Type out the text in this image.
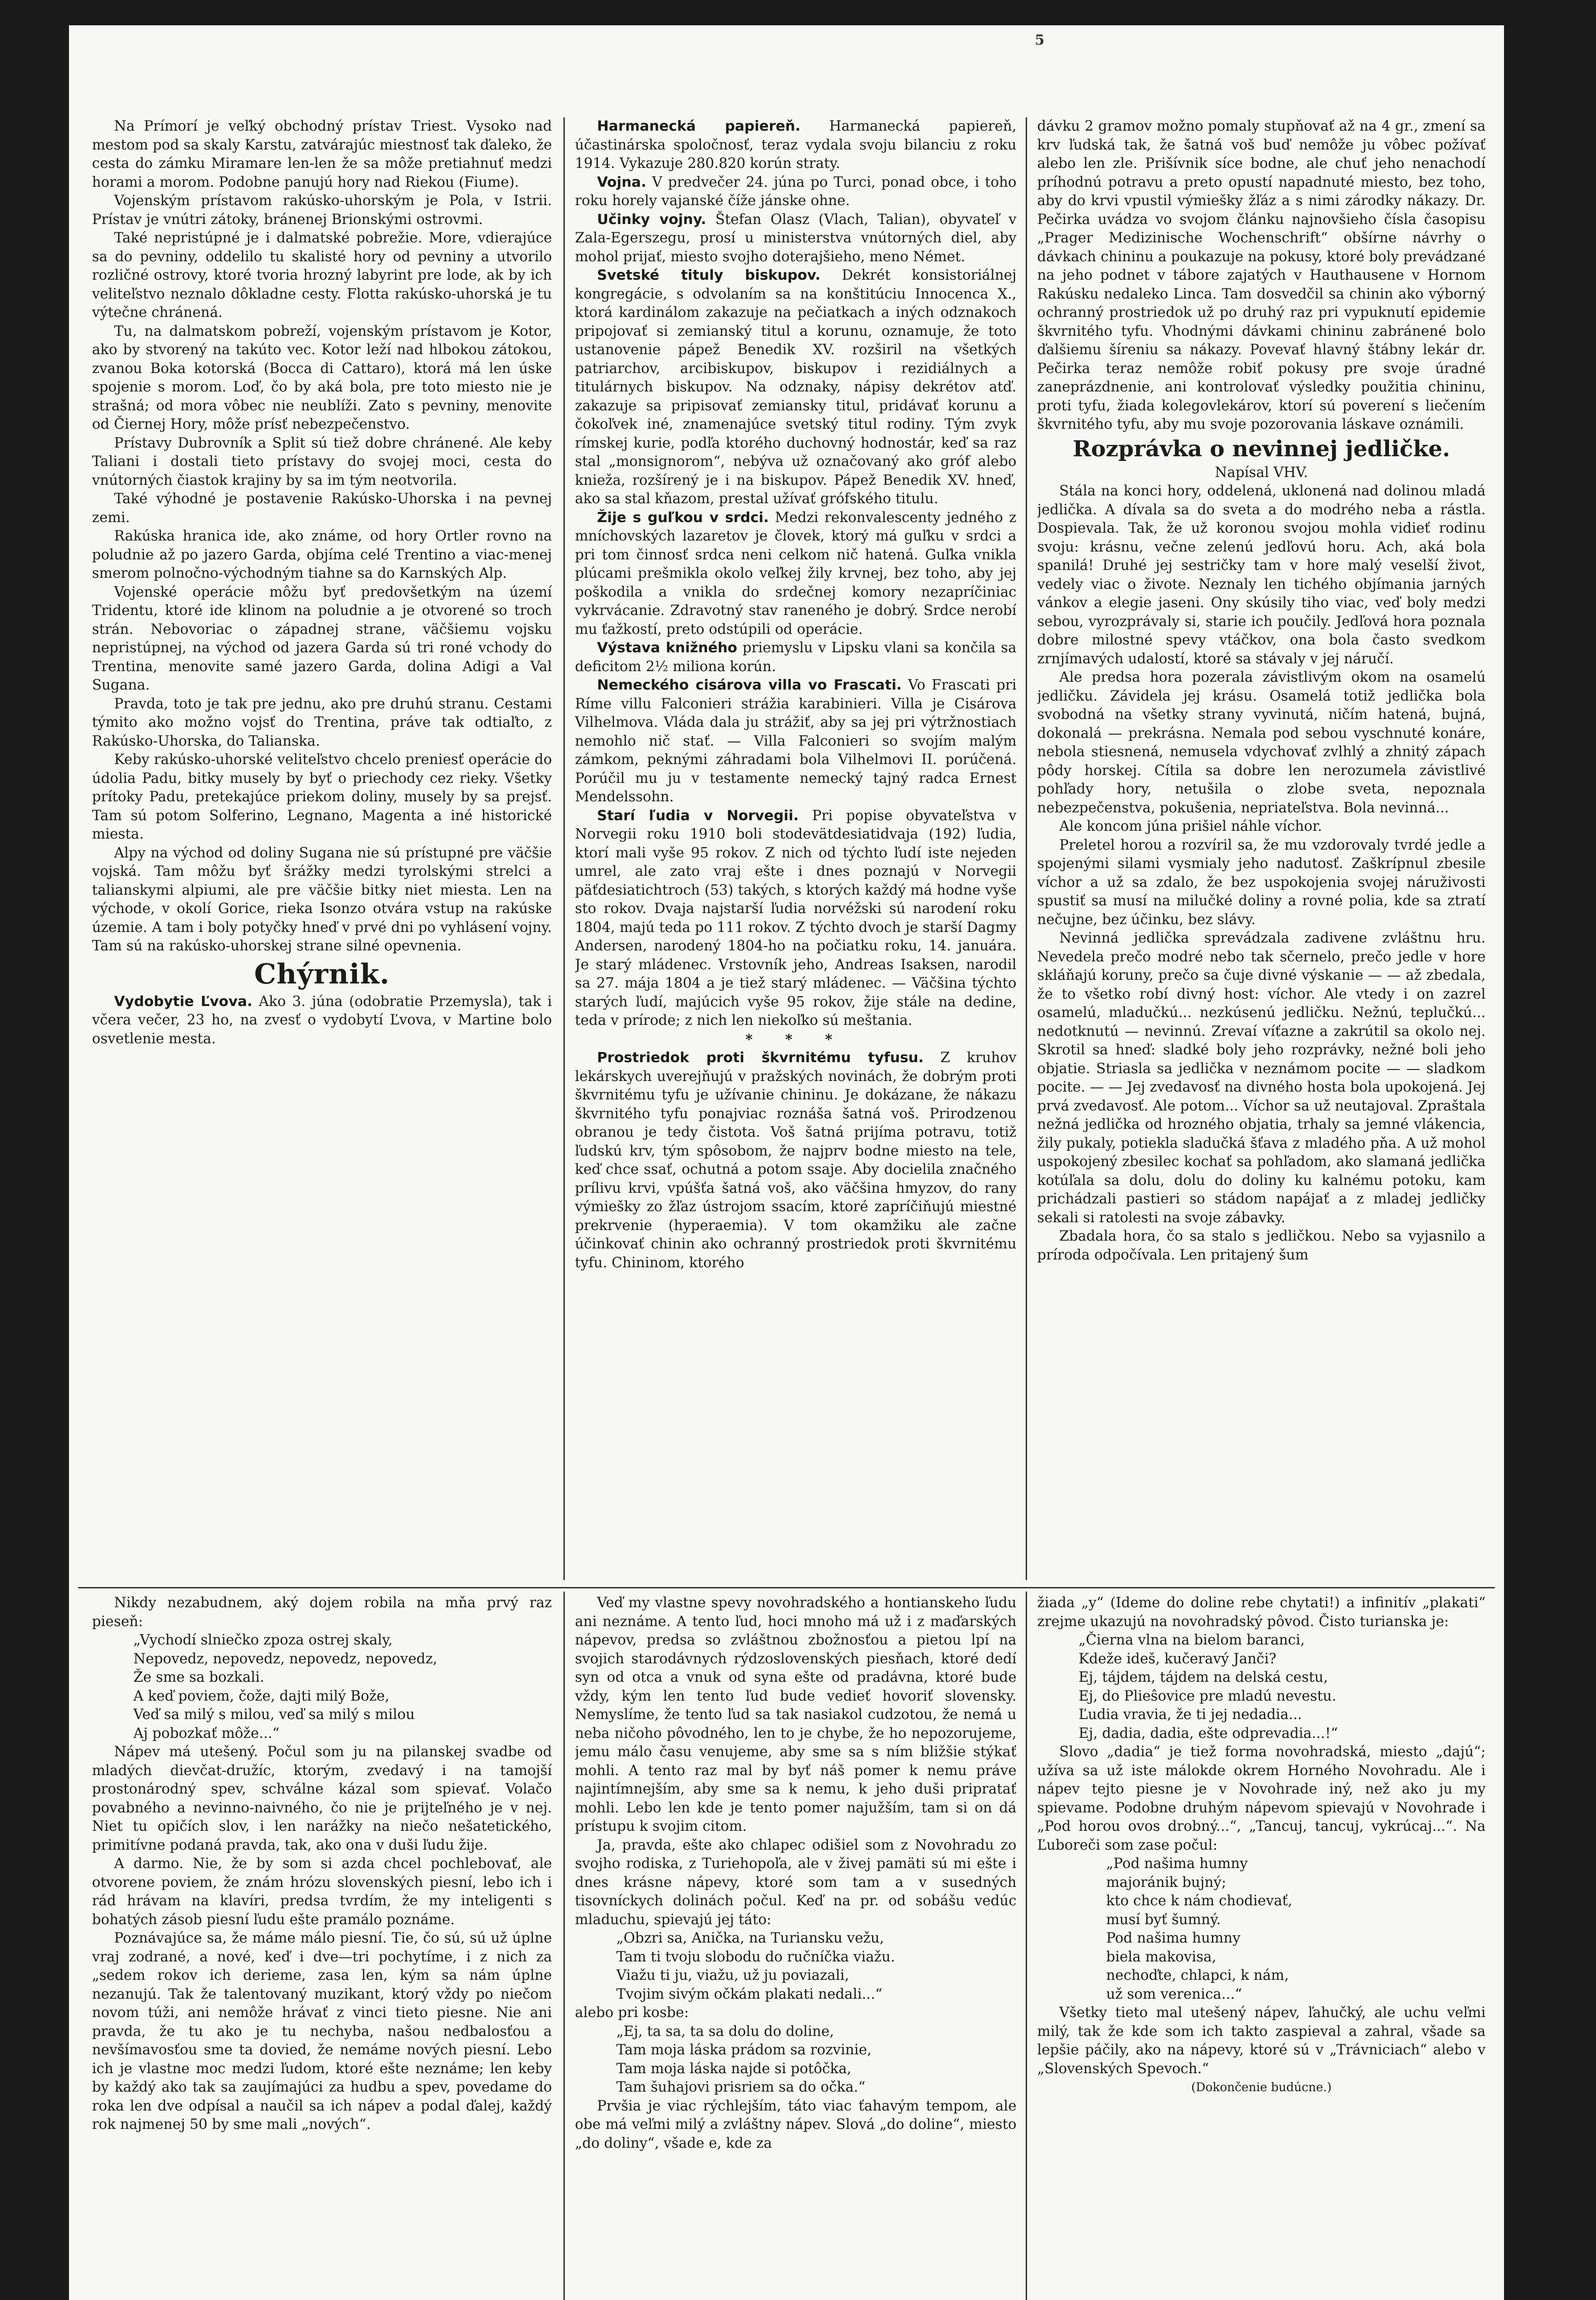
Na Prímorí je veľký obchodný prístav Triest. Vysoko nad mestom pod sa skaly Karstu, zatvárajúc miestnosť tak ďaleko, že cesta do zámku Miramare len-len že sa môže pretiahnuť medzi horami a morom. Podobne panujú hory nad Riekou (Fiume).

Vojenským prístavom rakúsko-uhorským je Pola, v Istrii. Prístav je vnútri zátoky, bránenej Brionskými ostrovmi.

Také nepristúpné je i dalmatské pobrežie. More, vdierajúce sa do pevniny, oddelilo tu skalisté hory od pevniny a utvorilo rozličné ostrovy, ktoré tvoria hrozný labyrint pre lode, ak by ich veliteľstvo neznalo dôkladne cesty. Flotta rakúsko-uhorská je tu výtečne chránená.

Tu, na dalmatskom pobreží, vojenským prístavom je Kotor, ako by stvorený na takúto vec. Kotor leží nad hlbokou zátokou, zvanou Boka kotorská (Bocca di Cattaro), ktorá má len úske spojenie s morom. Loď, čo by aká bola, pre toto miesto nie je strašná; od mora vôbec nie neublíži. Zato s pevniny, menovite od Čiernej Hory, môže prísť nebezpečenstvo.

Prístavy Dubrovník a Split sú tiež dobre chránené. Ale keby Taliani i dostali tieto prístavy do svojej moci, cesta do vnútorných čiastok krajiny by sa im tým neotvorila.

Také výhodné je postavenie Rakúsko-Uhorska i na pevnej zemi.

Rakúska hranica ide, ako známe, od hory Ortler rovno na poludnie až po jazero Garda, objíma celé Trentino a viac-menej smerom polnočno-východným tiahne sa do Karnských Alp.

Vojenské operácie môžu byť predovšetkým na území Tridentu, ktoré ide klinom na poludnie a je otvorené so troch strán. Nebovoriac o západnej strane, väčšiemu vojsku nepristúpnej, na východ od jazera Garda sú tri roné vchody do Trentina, menovite samé jazero Garda, dolina Adigi a Val Sugana.

Pravda, toto je tak pre jednu, ako pre druhú stranu. Cestami týmito ako možno vojsť do Trentina, práve tak odtiaľto, z Rakúsko-Uhorska, do Talianska.

Keby rakúsko-uhorské veliteľstvo chcelo preniesť operácie do údolia Padu, bitky musely by byť o priechody cez rieky. Všetky prítoky Padu, pretekajúce priekom doliny, musely by sa prejsť. Tam sú potom Solferino, Legnano, Magenta a iné historické miesta.

Alpy na východ od doliny Sugana nie sú prístupné pre väčšie vojská. Tam môžu byť šrážky medzi tyrolskými strelci a talianskymi alpiumi, ale pre väčšie bitky niet miesta. Len na východe, v okolí Gorice, rieka Isonzo otvára vstup na rakúske územie. A tam i boly potyčky hneď v prvé dni po vyhlásení vojny. Tam sú na rakúsko-uhorskej strane silné opevnenia.

Chýrnik.

Vydobytie Ľvova. Ako 3. júna (odobratie Przemysla), tak i včera večer, 23 ho, na zvesť o vydobytí Ľvova, v Martine bolo osvetlenie mesta.

Harmanecká papiereň. Harmanecká papiereň, účastinárska spoločnosť, teraz vydala svoju bilanciu z roku 1914. Vykazuje 280.820 korún straty.

Vojna. V predvečer 24. júna po Turci, ponad obce, i toho roku horely vajanské číže jánske ohne.

Učinky vojny. Štefan Olasz (Vlach, Talian), obyvateľ v Zala-Egerszegu, prosí u ministerstva vnútorných diel, aby mohol prijať, miesto svojho doterajšieho, meno Német.

Svetské tituly biskupov. Dekrét konsistoriálnej kongregácie, s odvolaním sa na konštitúciu Innocenca X., ktorá kardinálom zakazuje na pečiatkach a iných odznakoch pripojovať si zemianský titul a korunu, oznamuje, že toto ustanovenie pápež Benedik XV. rozširil na všetkých patriarchov, arcibiskupov, biskupov i rezidiálnych a titulárnych biskupov. Na odznaky, nápisy dekrétov atď. zakazuje sa pripisovať zemiansky titul, pridávať korunu a čokoľvek iné, znamenajúce svetský titul rodiny. Tým zvyk rímskej kurie, podľa ktorého duchovný hodnostár, keď sa raz stal „monsignorom“, nebýva už označovaný ako gróf alebo knieža, rozšírený je i na biskupov. Pápež Benedik XV. hneď, ako sa stal kňazom, prestal užívať grófského titulu.

Žije s guľkou v srdci. Medzi rekonvalescenty jedného z mníchovských lazaretov je človek, ktorý má guľku v srdci a pri tom činnosť srdca neni celkom nič hatená. Guľka vnikla plúcami prešmikla okolo veľkej žily krvnej, bez toho, aby jej poškodila a vnikla do srdečnej komory nezapríčiniac vykrvácanie. Zdravotný stav raneného je dobrý. Srdce nerobí mu ťažkostí, preto odstúpili od operácie.

Výstava knižného priemyslu v Lipsku vlani sa končila sa deficitom 2½ miliona korún.

Nemeckého cisárova villa vo Frascati. Vo Frascati pri Ríme villu Falconieri strážia karabinieri. Villa je Cisárova Vilhelmova. Vláda dala ju strážiť, aby sa jej pri výtržnostiach nemohlo nič stať. — Villa Falconieri so svojím malým zámkom, peknými záhradami bola Vilhelmovi II. porúčená. Porúčil mu ju v testamente nemecký tajný radca Ernest Mendelssohn.

Starí ľudia v Norvegii. Pri popise obyvateľstva v Norvegii roku 1910 boli stodevätdesiatidvaja (192) ľudia, ktorí mali vyše 95 rokov. Z nich od týchto ľudí iste nejeden umrel, ale zato vraj ešte i dnes poznajú v Norvegii päťdesiatichtroch (53) takých, s ktorých každý má hodne vyše sto rokov. Dvaja najstarší ľudia norvéžski sú narodení roku 1804, majú teda po 111 rokov. Z týchto dvoch je starší Dagmy Andersen, narodený 1804-ho na počiatku roku, 14. januára. Je starý mládenec. Vrstovník jeho, Andreas Isaksen, narodil sa 27. mája 1804 a je tiež starý mládenec. — Väčšina týchto starých ľudí, majúcich vyše 95 rokov, žije stále na dedine, teda v prírode; z nich len niekoľko sú meštania.

* * *

Prostriedok proti škvrnitému tyfusu. Z kruhov lekárskych uverejňujú v pražských novinách, že dobrým proti škvrnitému tyfu je užívanie chininu. Je dokázane, že nákazu škvrnitého tyfu ponajviac roznáša šatná voš. Prirodzenou obranou je tedy čistota. Voš šatná prijíma potravu, totiž ľudskú krv, tým spôsobom, že najprv bodne miesto na tele, keď chce ssať, ochutná a potom ssaje. Aby docielila značného prílivu krvi, vpúšťa šatná voš, ako väčšina hmyzov, do rany výmiešky zo žľaz ústrojom ssacím, ktoré zapríčiňujú miestné prekrvenie (hyperaemia). V tom okamžiku ale začne účinkovať chinin ako ochranný prostriedok proti škvrnitému tyfu. Chininom, ktorého

dávku 2 gramov možno pomaly stupňovať až na 4 gr., zmení sa krv ľudská tak, že šatná voš buď nemôže ju vôbec požívať alebo len zle. Prišívnik síce bodne, ale chuť jeho nenachodí príhodnú potravu a preto opustí napadnuté miesto, bez toho, aby do krvi vpustil výmiešky žľáz a s nimi zárodky nákazy. Dr. Pečirka uvádza vo svojom článku najnovšieho čísla časopisu „Prager Medizinische Wochenschrift“ obšírne návrhy o dávkach chininu a poukazuje na pokusy, ktoré boly prevádzané na jeho podnet v tábore zajatých v Hauthausene v Hornom Rakúsku nedaleko Linca. Tam dosvedčil sa chinin ako výborný ochranný prostriedok už po druhý raz pri vypuknutí epidemie škvrnitého tyfu. Vhodnými dávkami chininu zabránené bolo ďalšiemu šíreniu sa nákazy. Povevať hlavný štábny lekár dr. Pečirka teraz nemôže robiť pokusy pre svoje úradné zaneprázdnenie, ani kontrolovať výsledky použitia chininu, proti tyfu, žiada kolegovlekárov, ktorí sú poverení s liečením škvrnitého tyfu, aby mu svoje pozorovania láskave oznámili.

Rozprávka o nevinnej jedličke.

Napísal VHV.

Stála na konci hory, oddelená, uklonená nad dolinou mladá jedlička. A dívala sa do sveta a do modrého neba a rástla. Dospievala. Tak, že už koronou svojou mohla vidieť rodinu svoju: krásnu, večne zelenú jedľovú horu. Ach, aká bola spanilá! Druhé jej sestričky tam v hore malý veselší život, vedely viac o živote. Neznaly len tichého objímania jarných vánkov a elegie jaseni. Ony skúsily tiho viac, veď boly medzi sebou, vyrozprávaly si, starie ich poučily. Jedľová hora poznala dobre milostné spevy vtáčkov, ona bola často svedkom zrnjímavých udalostí, ktoré sa stávaly v jej náručí.

Ale predsa hora pozerala závistlivým okom na osamelú jedličku. Závidela jej krásu. Osamelá totiž jedlička bola svobodná na všetky strany vyvinutá, ničím hatená, bujná, dokonalá — prekrásna. Nemala pod sebou vyschnuté konáre, nebola stiesnená, nemusela vdychovať zvlhlý a zhnitý zápach pôdy horskej. Cítila sa dobre len nerozumela závistlivé pohľady hory, netušila o zlobe sveta, nepoznala nebezpečenstva, pokušenia, nepriateľstva. Bola nevinná...

Ale koncom júna prišiel náhle víchor.

Preletel horou a rozvíril sa, že mu vzdorovaly tvrdé jedle a spojenými silami vysmialy jeho nadutosť. Zaškrípnul zbesile víchor a už sa zdalo, že bez uspokojenia svojej náruživosti spustiť sa musí na milučké doliny a rovné polia, kde sa ztratí nečujne, bez účinku, bez slávy.

Nevinná jedlička sprevádzala zadivene zvláštnu hru. Nevedela prečo modré nebo tak sčernelo, prečo jedle v hore skláňajú koruny, prečo sa čuje divné výskanie — — až zbedala, že to všetko robí divný host: víchor. Ale vtedy i on zazrel osamelú, mladučkú... nezkúsenú jedličku. Nežnú, teplučkú... nedotknutú — nevinnú. Zrevaí víťazne a zakrútil sa okolo nej. Skrotil sa hneď: sladké boly jeho rozprávky, nežné boli jeho objatie. Striasla sa jedlička v neznámom pocite — — sladkom pocite. — — Jej zvedavosť na divného hosta bola upokojená. Jej prvá zvedavosť. Ale potom... Víchor sa už neutajoval. Zpraštala nežná jedlička od hrozného objatia, trhaly sa jemné vlákencia, žily pukaly, potiekla sladučká šťava z mladého pňa. A už mohol uspokojený zbesilec kochať sa pohľadom, ako slamaná jedlička kotúľala sa dolu, dolu do doliny ku kalnému potoku, kam prichádzali pastieri so stádom napájať a z mladej jedličky sekali si ratolesti na svoje zábavky.

Zbadala hora, čo sa stalo s jedličkou. Nebo sa vyjasnilo a príroda odpočívala. Len pritajený šum

Nikdy nezabudnem, aký dojem robila na mňa prvý raz pieseň:

„Vychodí slniečko zpoza ostrej skaly,

Nepovedz, nepovedz, nepovedz, nepovedz,

Že sme sa bozkali.

A keď poviem, čože, dajti milý Bože,

Veď sa milý s milou, veď sa milý s milou

Aj pobozkať môže...“

Nápev má utešený. Počul som ju na pilanskej svadbe od mladých dievčat-družíc, ktorým, zvedavý i na tamojší prostonárodný spev, schválne kázal som spievať. Volačo povabného a nevinno-naivného, čo nie je prijteľného je v nej. Niet tu opičích slov, i len narážky na niečo nešatetického, primitívne podaná pravda, tak, ako ona v duši ľudu žije.

A darmo. Nie, že by som si azda chcel pochlebovať, ale otvorene poviem, že znám hrózu slovenských piesní, lebo ich i rád hrávam na klavíri, predsa tvrdím, že my inteligenti s bohatých zásob piesní ľudu ešte pramálo poznáme.

Poznávajúce sa, že máme málo piesní. Tie, čo sú, sú už úplne vraj zodrané, a nové, keď i dve—tri pochytíme, i z nich za „sedem rokov ich derieme, zasa len, kým sa nám úplne nezanujú. Tak že talentovaný muzikant, ktorý vždy po niečom novom túži, ani nemôže hrávať z vinci tieto piesne. Nie ani pravda, že tu ako je tu nechyba, našou nedbalosťou a nevšímavosťou sme ta dovied, že nemáme nových piesní. Lebo ich je vlastne moc medzi ľudom, ktoré ešte neznáme; len keby by každý ako tak sa zaujímajúci za hudbu a spev, povedame do roka len dve odpísal a naučil sa ich nápev a podal ďalej, každý rok najmenej 50 by sme mali „nových“.

Veď my vlastne spevy novohradského a hontianskeho ľudu ani neznáme. A tento ľud, hoci mnoho má už i z maďarských nápevov, predsa so zvláštnou zbožnosťou a pietou lpí na svojich starodávnych rýdzoslovenských piesňach, ktoré dedí syn od otca a vnuk od syna ešte od pradávna, ktoré bude vždy, kým len tento ľud bude vedieť hovoriť slovensky. Nemyslíme, že tento ľud sa tak nasiakol cudzotou, že nemá u neba ničoho pôvodného, len to je chybe, že ho nepozorujeme, jemu málo času venujeme, aby sme sa s ním bližšie stýkať mohli. A tento raz mal by byť náš pomer k nemu práve najintímnejším, aby sme sa k nemu, k jeho duši pripratať mohli. Lebo len kde je tento pomer najužším, tam si on dá prístupu k svojim citom.

Ja, pravda, ešte ako chlapec odišiel som z Novohradu zo svojho rodiska, z Turiehopoľa, ale v živej pamäti sú mi ešte i dnes krásne nápevy, ktoré som tam a v susedných tisovníckych dolinách počul. Keď na pr. od sobášu vedúc mladuchu, spievajú jej táto:

„Obzri sa, Anička, na Turiansku vežu,

Tam ti tvoju slobodu do ručníčka viažu.

Viažu ti ju, viažu, už ju poviazali,

Tvojim sivým očkám plakati nedali...“

alebo pri kosbe:

„Ej, ta sa, ta sa dolu do doline,

Tam moja láska prádom sa rozvinie,

Tam moja láska najde si potôčka,

Tam šuhajovi prisriem sa do očka.“

Prvšia je viac rýchlejším, táto viac ťahavým tempom, ale obe má veľmi milý a zvláštny nápev. Slová „do doline“, miesto „do doliny“, všade e, kde za

žiada „y“ (Ideme do doline rebe chytati!) a infinitív „plakati“ zrejme ukazujú na novohradský pôvod. Čisto turianska je:

„Čierna vlna na bielom baranci,

Kdeže ideš, kučeravý Janči?

Ej, tájdem, tájdem na delská cestu,

Ej, do Plieŝovice pre mladú nevestu.

Ľudia vravia, že ti jej nedadia...

Ej, dadia, dadia, ešte odprevadia...!“

Slovo „dadia“ je tiež forma novohradská, miesto „dajú“; užíva sa už iste málokde okrem Horného Novohradu. Ale i nápev tejto piesne je v Novohrade iný, než ako ju my spievame. Podobne druhým nápevom spievajú v Novohrade i „Pod horou ovos drobný...“, „Tancuj, tancuj, vykrúcaj...“. Na Ľuboreči som zase počul:

„Pod našima humny

majoránik bujný;

kto chce k nám chodievať,

musí byť šumný.

Pod našima humny

biela makovisa,

nechoďte, chlapci, k nám,

už som verenica...“

Všetky tieto mal utešený nápev, ľahučký, ale uchu veľmi milý, tak že kde som ich takto zaspieval a zahral, všade sa lepšie páčily, ako na nápevy, ktoré sú v „Trávniciach“ alebo v „Slovenských Spevoch.“

(Dokončenie budúcne.)

5
